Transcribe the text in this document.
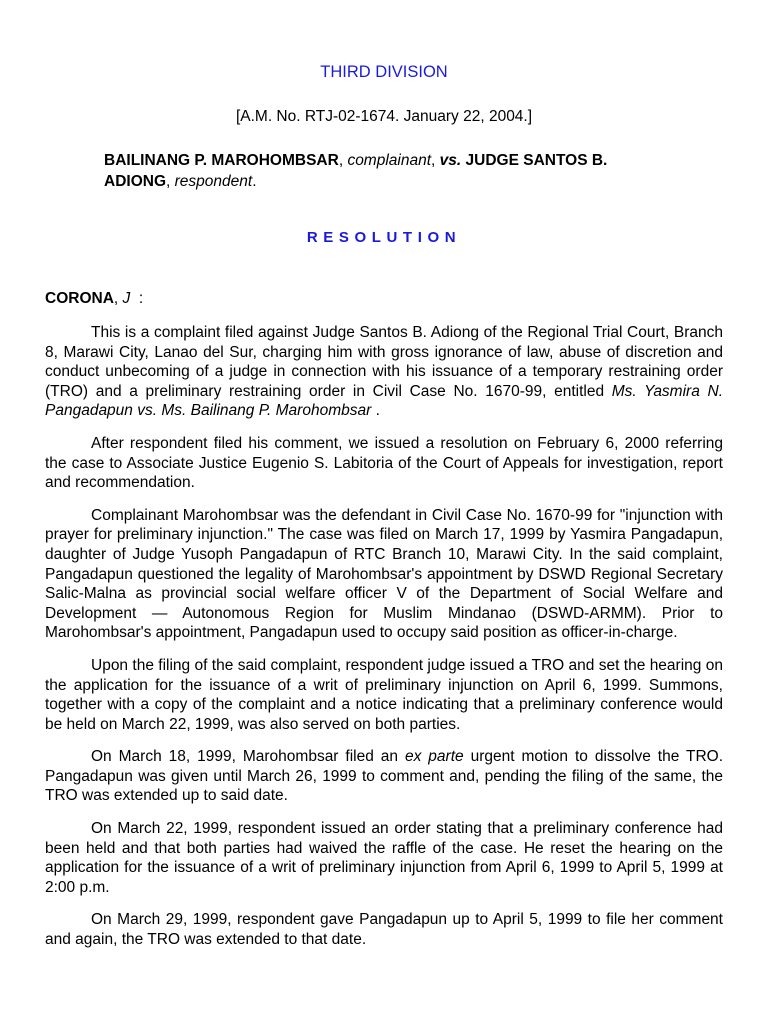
THIRD DIVISION
[A.M. No. RTJ-02-1674. January 22, 2004.]
BAILINANG P. MAROHOMBSAR, complainant, vs. JUDGE SANTOS B. ADIONG, respondent.
RESOLUTION
CORONA, J  :

This is a complaint filed against Judge Santos B. Adiong of the Regional Trial Court, Branch 8, Marawi City, Lanao del Sur, charging him with gross ignorance of law, abuse of discretion and conduct unbecoming of a judge in connection with his issuance of a temporary restraining order (TRO) and a preliminary restraining order in Civil Case No. 1670-99, entitled Ms. Yasmira N. Pangadapun vs. Ms. Bailinang P. Marohombsar .

After respondent filed his comment, we issued a resolution on February 6, 2000 referring the case to Associate Justice Eugenio S. Labitoria of the Court of Appeals for investigation, report and recommendation.

Complainant Marohombsar was the defendant in Civil Case No. 1670-99 for "injunction with prayer for preliminary injunction." The case was filed on March 17, 1999 by Yasmira Pangadapun, daughter of Judge Yusoph Pangadapun of RTC Branch 10, Marawi City. In the said complaint, Pangadapun questioned the legality of Marohombsar's appointment by DSWD Regional Secretary Salic-Malna as provincial social welfare officer V of the Department of Social Welfare and Development — Autonomous Region for Muslim Mindanao (DSWD-ARMM). Prior to Marohombsar's appointment, Pangadapun used to occupy said position as officer-in-charge.

Upon the filing of the said complaint, respondent judge issued a TRO and set the hearing on the application for the issuance of a writ of preliminary injunction on April 6, 1999. Summons, together with a copy of the complaint and a notice indicating that a preliminary conference would be held on March 22, 1999, was also served on both parties.

On March 18, 1999, Marohombsar filed an ex parte urgent motion to dissolve the TRO. Pangadapun was given until March 26, 1999 to comment and, pending the filing of the same, the TRO was extended up to said date.

On March 22, 1999, respondent issued an order stating that a preliminary conference had been held and that both parties had waived the raffle of the case. He reset the hearing on the application for the issuance of a writ of preliminary injunction from April 6, 1999 to April 5, 1999 at 2:00 p.m.

On March 29, 1999, respondent gave Pangadapun up to April 5, 1999 to file her comment and again, the TRO was extended to that date.
